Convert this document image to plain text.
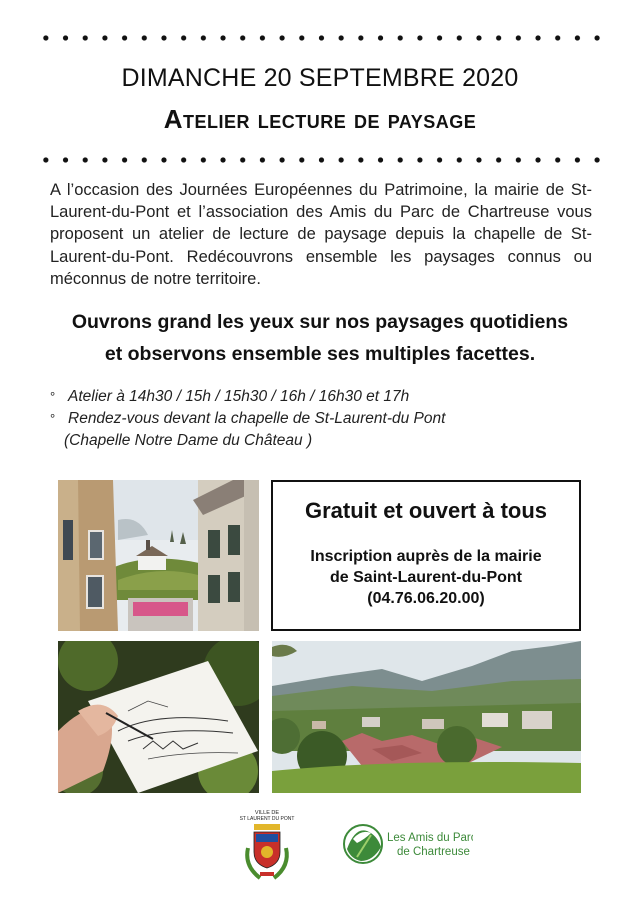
DIMANCHE 20 SEPTEMBRE 2020
Atelier lecture de paysage

A l’occasion des Journées Européennes du Patrimoine, la mairie de St-Laurent-du-Pont et l’association des Amis du Parc de Chartreuse vous proposent un atelier de lecture de paysage depuis la chapelle de St-Laurent-du-Pont. Redécouvrons ensemble les paysages connus ou méconnus de notre territoire.

Ouvrons grand les yeux sur nos paysages quotidiens
et observons ensemble ses multiples facettes.
° Atelier à 14h30 / 15h / 15h30 / 16h / 16h30 et 17h
° Rendez-vous devant la chapelle de St-Laurent-du Pont
(Chapelle Notre Dame du Château )
Gratuit et ouvert à tous
Inscription auprès de la mairie
de Saint-Laurent-du-Pont
(04.76.06.20.00)
VILLE DE
ST LAURENT DU PONT
Les Amis du Parc
de Chartreuse
